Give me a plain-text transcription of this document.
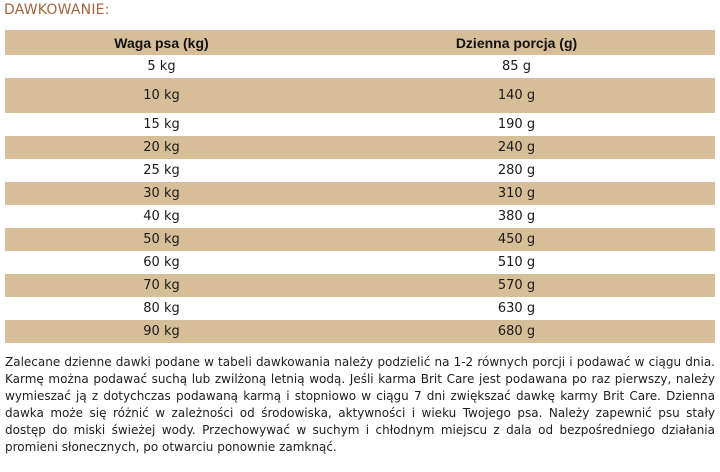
DAWKOWANIE:
Waga psa (kg)	Dzienna porcja (g)
5 kg	85 g
10 kg	140 g
15 kg	190 g
20 kg	240 g
25 kg	280 g
30 kg	310 g
40 kg	380 g
50 kg	450 g
60 kg	510 g
70 kg	570 g
80 kg	630 g
90 kg	680 g

Zalecane dzienne dawki podane w tabeli dawkowania należy podzielić na 1-2 równych porcji i podawać w ciągu dnia. Karmę można podawać suchą lub zwilżoną letnią wodą. Jeśli karma Brit Care jest podawana po raz pierwszy, należy wymieszać ją z dotychczas podawaną karmą i stopniowo w ciągu 7 dni zwiększać dawkę karmy Brit Care. Dzienna dawka może się różnić w zależności od środowiska, aktywności i wieku Twojego psa. Należy zapewnić psu stały dostęp do miski świeżej wody. Przechowywać w suchym i chłodnym miejscu z dala od bezpośredniego działania promieni słonecznych, po otwarciu ponownie zamknąć.
